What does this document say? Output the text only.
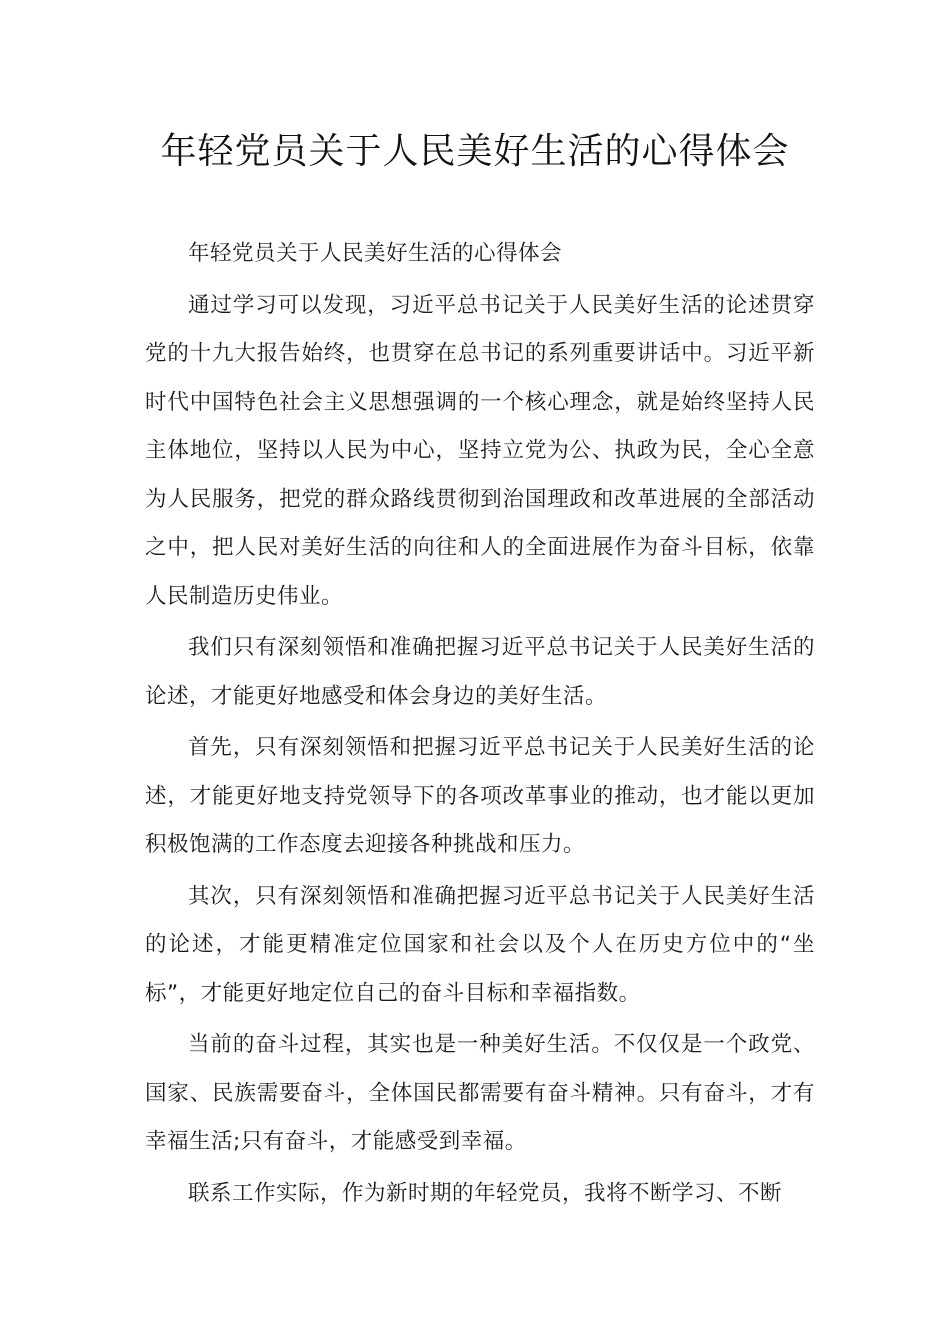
年轻党员关于人民美好生活的心得体会

年轻党员关于人民美好生活的心得体会

通过学习可以发现，习近平总书记关于人民美好生活的论述贯穿党的十九大报告始终，也贯穿在总书记的系列重要讲话中。习近平新时代中国特色社会主义思想强调的一个核心理念，就是始终坚持人民主体地位，坚持以人民为中心，坚持立党为公、执政为民，全心全意为人民服务，把党的群众路线贯彻到治国理政和改革进展的全部活动之中，把人民对美好生活的向往和人的全面进展作为奋斗目标，依靠人民制造历史伟业。

我们只有深刻领悟和准确把握习近平总书记关于人民美好生活的论述，才能更好地感受和体会身边的美好生活。

首先，只有深刻领悟和把握习近平总书记关于人民美好生活的论述，才能更好地支持党领导下的各项改革事业的推动，也才能以更加积极饱满的工作态度去迎接各种挑战和压力。

其次，只有深刻领悟和准确把握习近平总书记关于人民美好生活的论述，才能更精准定位国家和社会以及个人在历史方位中的“坐标”，才能更好地定位自己的奋斗目标和幸福指数。

当前的奋斗过程，其实也是一种美好生活。不仅仅是一个政党、国家、民族需要奋斗，全体国民都需要有奋斗精神。只有奋斗，才有幸福生活;只有奋斗，才能感受到幸福。

联系工作实际，作为新时期的年轻党员，我将不断学习、不断
